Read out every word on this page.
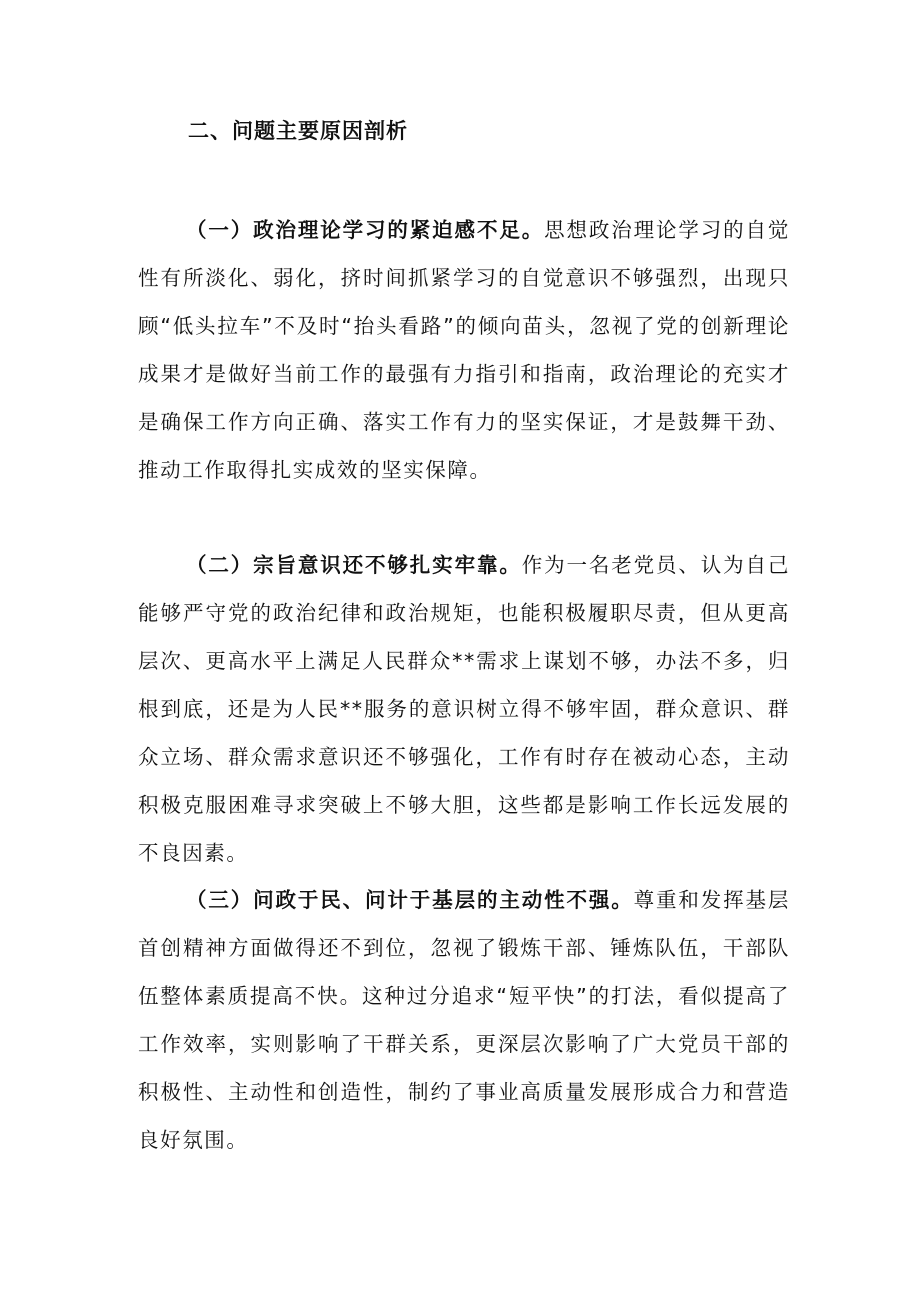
二、问题主要原因剖析

（一）政治理论学习的紧迫感不足。思想政治理论学习的自觉性有所淡化、弱化，挤时间抓紧学习的自觉意识不够强烈，出现只顾“低头拉车”不及时“抬头看路”的倾向苗头，忽视了党的创新理论成果才是做好当前工作的最强有力指引和指南，政治理论的充实才是确保工作方向正确、落实工作有力的坚实保证，才是鼓舞干劲、推动工作取得扎实成效的坚实保障。

（二）宗旨意识还不够扎实牢靠。作为一名老党员、认为自己能够严守党的政治纪律和政治规矩，也能积极履职尽责，但从更高层次、更高水平上满足人民群众**需求上谋划不够，办法不多，归根到底，还是为人民**服务的意识树立得不够牢固，群众意识、群众立场、群众需求意识还不够强化，工作有时存在被动心态，主动积极克服困难寻求突破上不够大胆，这些都是影响工作长远发展的不良因素。

（三）问政于民、问计于基层的主动性不强。尊重和发挥基层首创精神方面做得还不到位，忽视了锻炼干部、锤炼队伍，干部队伍整体素质提高不快。这种过分追求“短平快”的打法，看似提高了工作效率，实则影响了干群关系，更深层次影响了广大党员干部的积极性、主动性和创造性，制约了事业高质量发展形成合力和营造良好氛围。
